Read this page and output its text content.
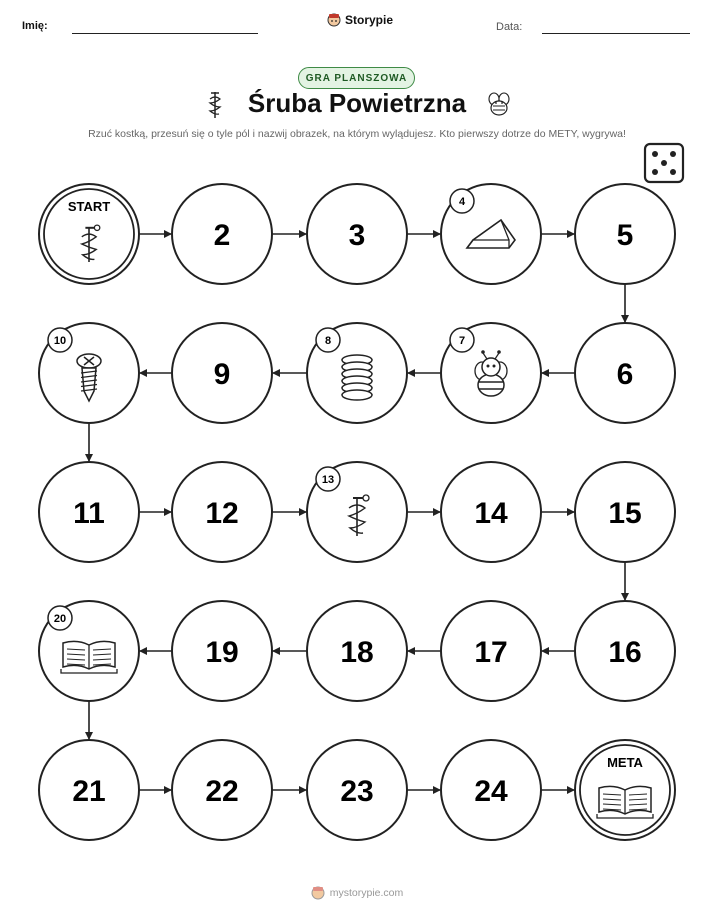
Imię:	Storypie	Data:
GRA PLANSZOWA
Śruba Powietrzna
Rzuć kostką, przesuń się o tyle pól i nazwij obrazek, na którym wylądujesz. Kto pierwszy dotrze do METY, wygrywa!
START
2	3
4
5
6
7
8
9
10
11	12
13
14	15
16
17
18
19
20
21	22	23	24
META
mystorypie.com
